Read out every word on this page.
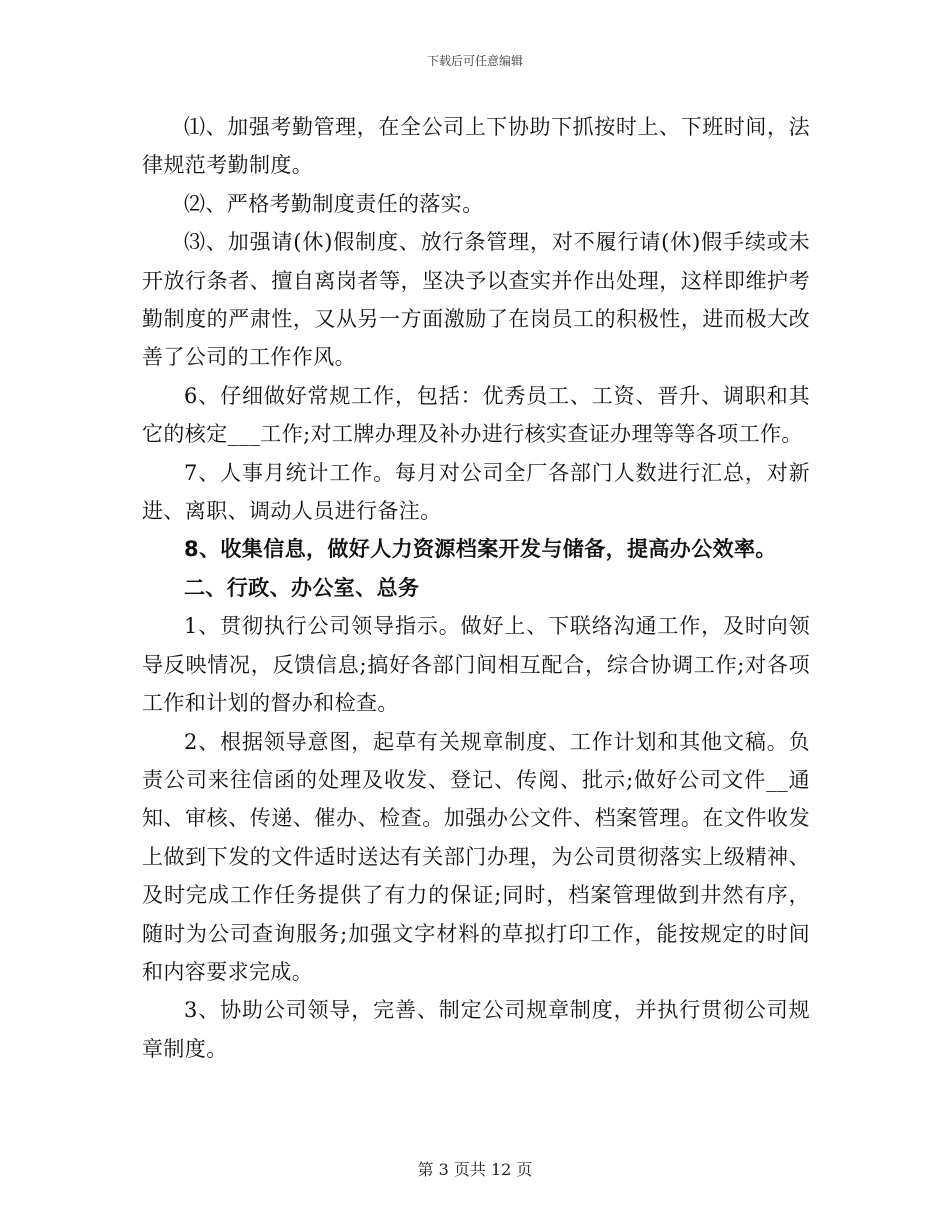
下载后可任意编辑

⑴、加强考勤管理，在全公司上下协助下抓按时上、下班时间，法律规范考勤制度。

⑵、严格考勤制度责任的落实。

⑶、加强请(休)假制度、放行条管理，对不履行请(休)假手续或未开放行条者、擅自离岗者等，坚决予以查实并作出处理，这样即维护考勤制度的严肃性，又从另一方面激励了在岗员工的积极性，进而极大改善了公司的工作作风。

6、仔细做好常规工作，包括：优秀员工、工资、晋升、调职和其它的核定___工作;对工牌办理及补办进行核实查证办理等等各项工作。

7、人事月统计工作。每月对公司全厂各部门人数进行汇总，对新进、离职、调动人员进行备注。

8、收集信息，做好人力资源档案开发与储备，提高办公效率。

二、行政、办公室、总务

1、贯彻执行公司领导指示。做好上、下联络沟通工作，及时向领导反映情况，反馈信息;搞好各部门间相互配合，综合协调工作;对各项工作和计划的督办和检查。

2、根据领导意图，起草有关规章制度、工作计划和其他文稿。负责公司来往信函的处理及收发、登记、传阅、批示;做好公司文件__通知、审核、传递、催办、检查。加强办公文件、档案管理。在文件收发上做到下发的文件适时送达有关部门办理，为公司贯彻落实上级精神、及时完成工作任务提供了有力的保证;同时，档案管理做到井然有序，随时为公司查询服务;加强文字材料的草拟打印工作，能按规定的时间和内容要求完成。

3、协助公司领导，完善、制定公司规章制度，并执行贯彻公司规章制度。

第 3 页共 12 页
